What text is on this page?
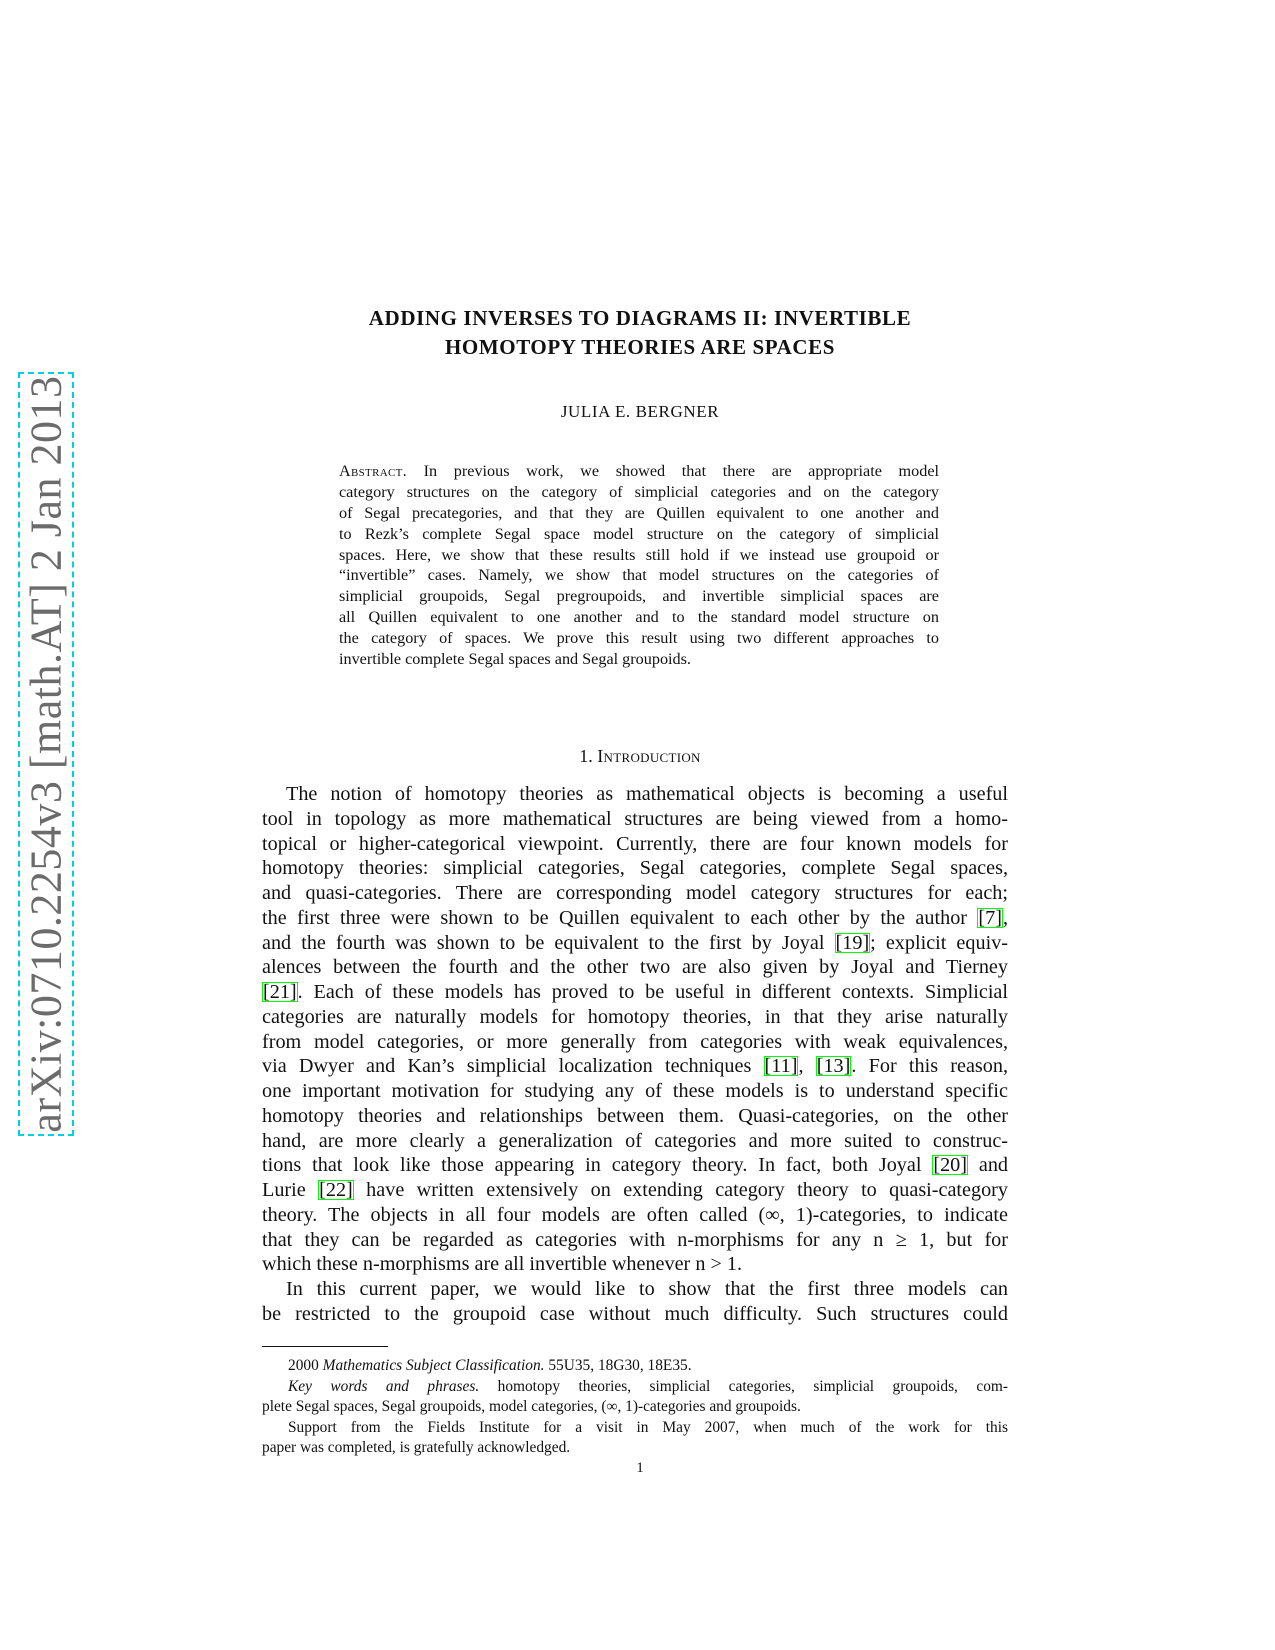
arXiv:0710.2254v3 [math.AT] 2 Jan 2013
ADDING INVERSES TO DIAGRAMS II: INVERTIBLE
HOMOTOPY THEORIES ARE SPACES
JULIA E. BERGNER
Abstract. In previous work, we showed that there are appropriate model
category structures on the category of simplicial categories and on the category
of Segal precategories, and that they are Quillen equivalent to one another and
to Rezk’s complete Segal space model structure on the category of simplicial
spaces. Here, we show that these results still hold if we instead use groupoid or
“invertible” cases. Namely, we show that model structures on the categories of
simplicial groupoids, Segal pregroupoids, and invertible simplicial spaces are
all Quillen equivalent to one another and to the standard model structure on
the category of spaces. We prove this result using two different approaches to
invertible complete Segal spaces and Segal groupoids.
1. Introduction
The notion of homotopy theories as mathematical objects is becoming a useful
tool in topology as more mathematical structures are being viewed from a homo-
topical or higher-categorical viewpoint. Currently, there are four known models for
homotopy theories: simplicial categories, Segal categories, complete Segal spaces,
and quasi-categories. There are corresponding model category structures for each;
the first three were shown to be Quillen equivalent to each other by the author [7],
and the fourth was shown to be equivalent to the first by Joyal [19]; explicit equiv-
alences between the fourth and the other two are also given by Joyal and Tierney
[21]. Each of these models has proved to be useful in different contexts. Simplicial
categories are naturally models for homotopy theories, in that they arise naturally
from model categories, or more generally from categories with weak equivalences,
via Dwyer and Kan’s simplicial localization techniques [11], [13]. For this reason,
one important motivation for studying any of these models is to understand specific
homotopy theories and relationships between them. Quasi-categories, on the other
hand, are more clearly a generalization of categories and more suited to construc-
tions that look like those appearing in category theory. In fact, both Joyal [20] and
Lurie [22] have written extensively on extending category theory to quasi-category
theory. The objects in all four models are often called (∞, 1)-categories, to indicate
that they can be regarded as categories with n-morphisms for any n ≥ 1, but for
which these n-morphisms are all invertible whenever n > 1.
In this current paper, we would like to show that the first three models can
be restricted to the groupoid case without much difficulty. Such structures could
2000 Mathematics Subject Classification. 55U35, 18G30, 18E35.
Key words and phrases. homotopy theories, simplicial categories, simplicial groupoids, com-
plete Segal spaces, Segal groupoids, model categories, (∞, 1)-categories and groupoids.
Support from the Fields Institute for a visit in May 2007, when much of the work for this
paper was completed, is gratefully acknowledged.
1
